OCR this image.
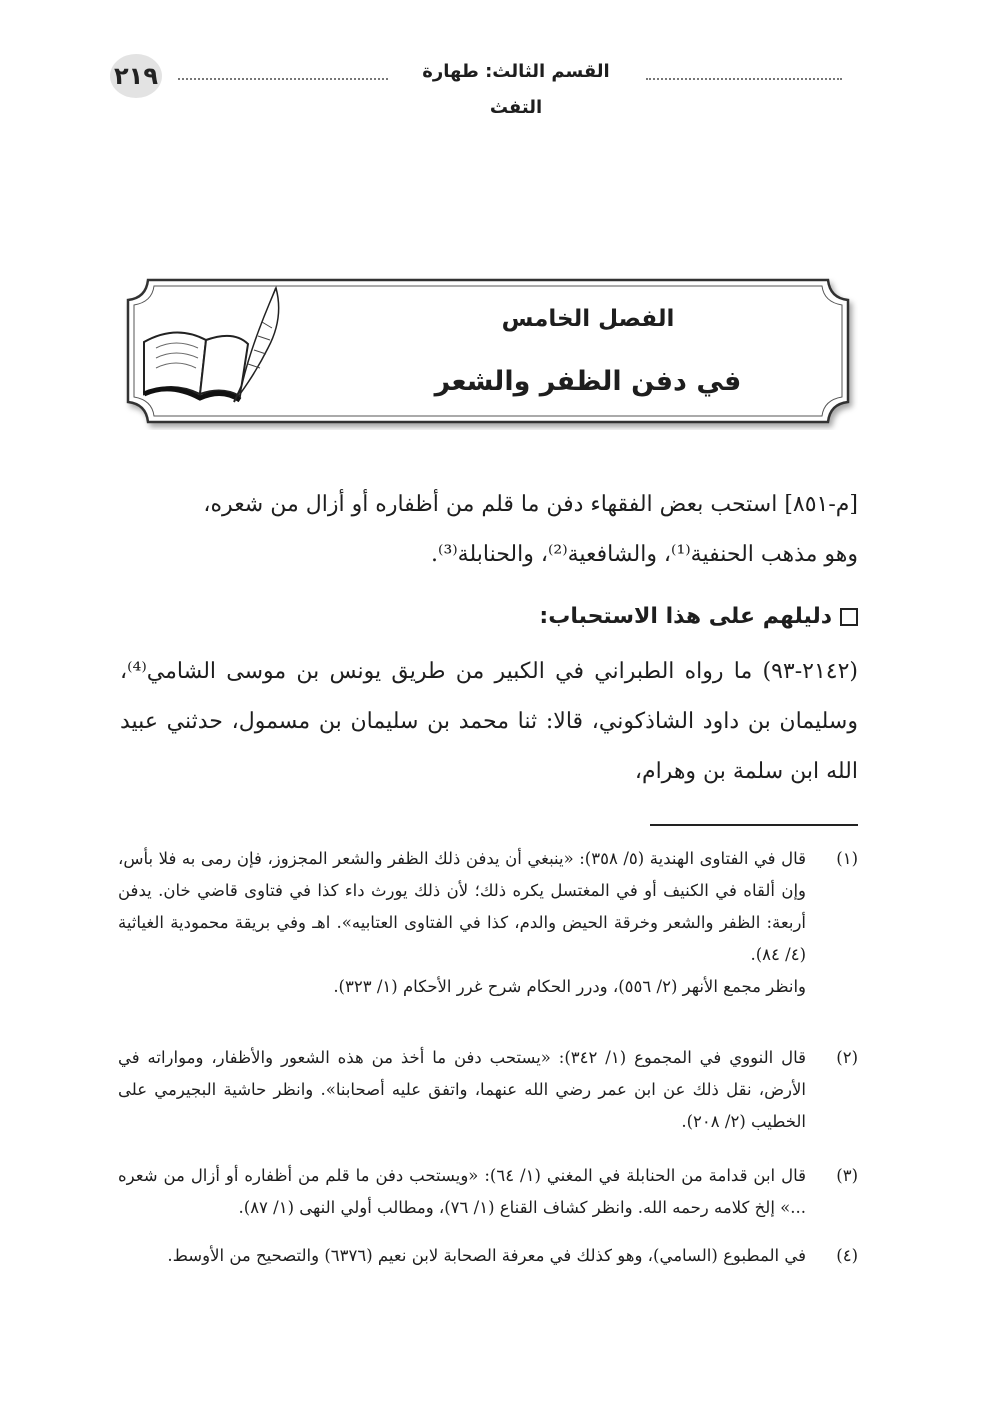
٢١٩	القسم الثالث: طهارة التفث
الفصل الخامس
في دفن الظفر والشعر
[م-٨٥١] استحب بعض الفقهاء دفن ما قلم من أظفاره أو أزال من شعره،
وهو مذهب الحنفية⁽¹⁾، والشافعية⁽²⁾، والحنابلة⁽³⁾.
دليلهم على هذا الاستحباب:
(٢١٤٢-٩٣) ما رواه الطبراني في الكبير من طريق يونس بن موسى الشامي⁽⁴⁾، وسليمان بن داود الشاذكوني، قالا: ثنا محمد بن سليمان بن مسمول، حدثني عبيد الله ابن سلمة بن وهرام،
(١)
قال في الفتاوى الهندية (٥/ ٣٥٨): «ينبغي أن يدفن ذلك الظفر والشعر المجزوز، فإن رمى به فلا بأس، وإن ألقاه في الكنيف أو في المغتسل يكره ذلك؛ لأن ذلك يورث داء كذا في فتاوى قاضي خان. يدفن أربعة: الظفر والشعر وخرقة الحيض والدم، كذا في الفتاوى العتابيه». اهـ وفي بريقة محمودية الغياثية (٤/ ٨٤).
وانظر مجمع الأنهر (٢/ ٥٥٦)، ودرر الحكام شرح غرر الأحكام (١/ ٣٢٣).
(٢)
قال النووي في المجموع (١/ ٣٤٢): «يستحب دفن ما أخذ من هذه الشعور والأظفار، ومواراته في الأرض، نقل ذلك عن ابن عمر رضي الله عنهما، واتفق عليه أصحابنا». وانظر حاشية البجيرمي على الخطيب (٢/ ٢٠٨).
(٣)
قال ابن قدامة من الحنابلة في المغني (١/ ٦٤): «ويستحب دفن ما قلم من أظفاره أو أزال من شعره ...» إلخ كلامه رحمه الله. وانظر كشاف القناع (١/ ٧٦)، ومطالب أولي النهى (١/ ٨٧).
(٤)
في المطبوع (السامي)، وهو كذلك في معرفة الصحابة لابن نعيم (٦٣٧٦) والتصحيح من الأوسط.
